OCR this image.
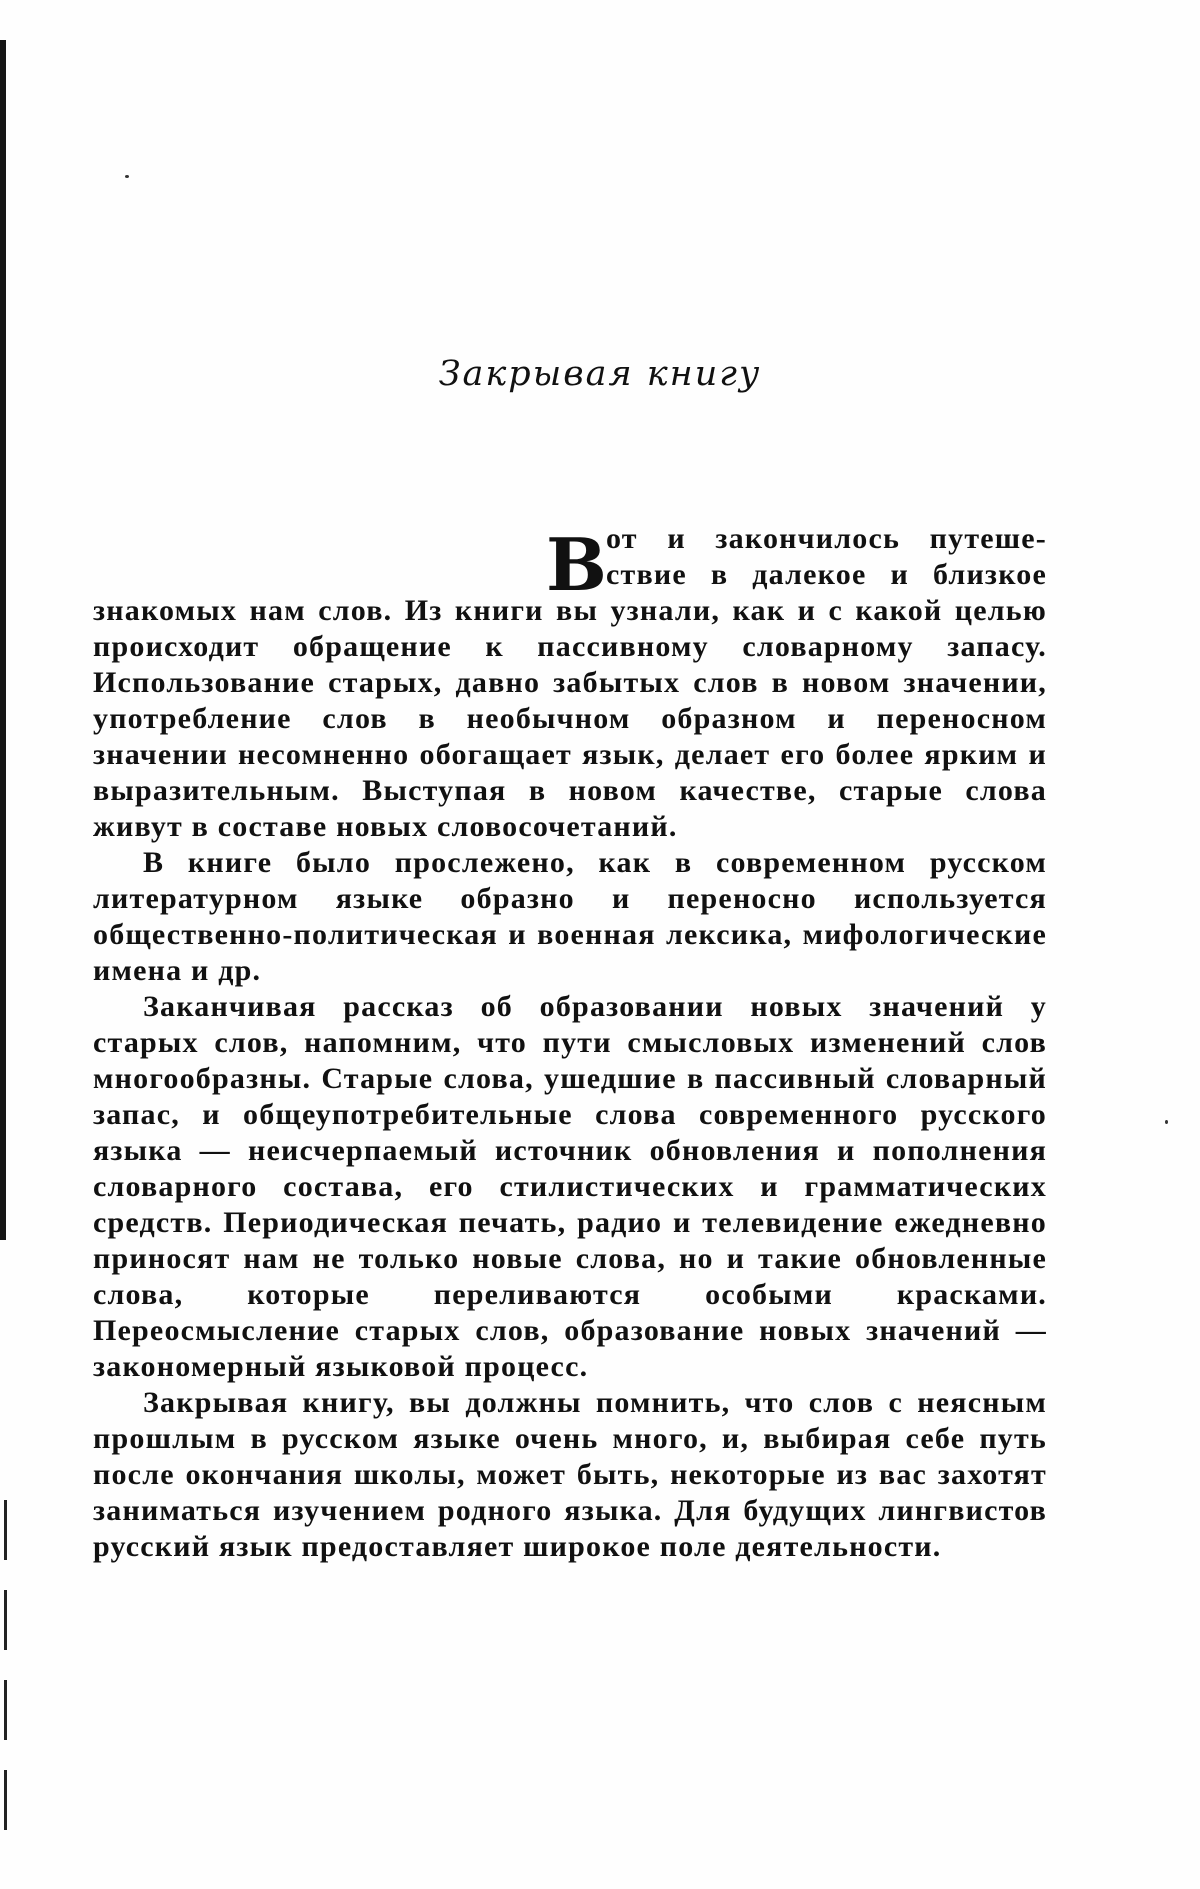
Закрывая книгу
В
от и закончилось путеше-
ствие в далекое и близкое

знакомых нам слов. Из книги вы узнали, как и с какой целью происходит обращение к пассивному словарному запасу. Использование старых, давно забытых слов в новом значении, употребление слов в необычном образном и переносном значении несомненно обогащает язык, делает его более ярким и выразительным. Выступая в новом качестве, старые слова живут в составе новых словосочетаний.

В книге было прослежено, как в современном русском литературном языке образно и переносно используется общественно-политическая и военная лексика, мифологические имена и др.

Заканчивая рассказ об образовании новых значений у старых слов, напомним, что пути смысловых изменений слов многообразны. Старые слова, ушедшие в пассивный словарный запас, и общеупотребительные слова современного русского языка — неисчерпаемый источник обновления и пополнения словарного состава, его стилистических и грамматических средств. Периодическая печать, радио и телевидение ежедневно приносят нам не только новые слова, но и такие обновленные слова, которые переливаются особыми красками. Переосмысление старых слов, образование новых значений — закономерный языковой процесс.

Закрывая книгу, вы должны помнить, что слов с неясным прошлым в русском языке очень много, и, выбирая себе путь после окончания школы, может быть, некоторые из вас захотят заниматься изучением родного языка. Для будущих лингвистов русский язык предоставляет широкое поле деятельности.
